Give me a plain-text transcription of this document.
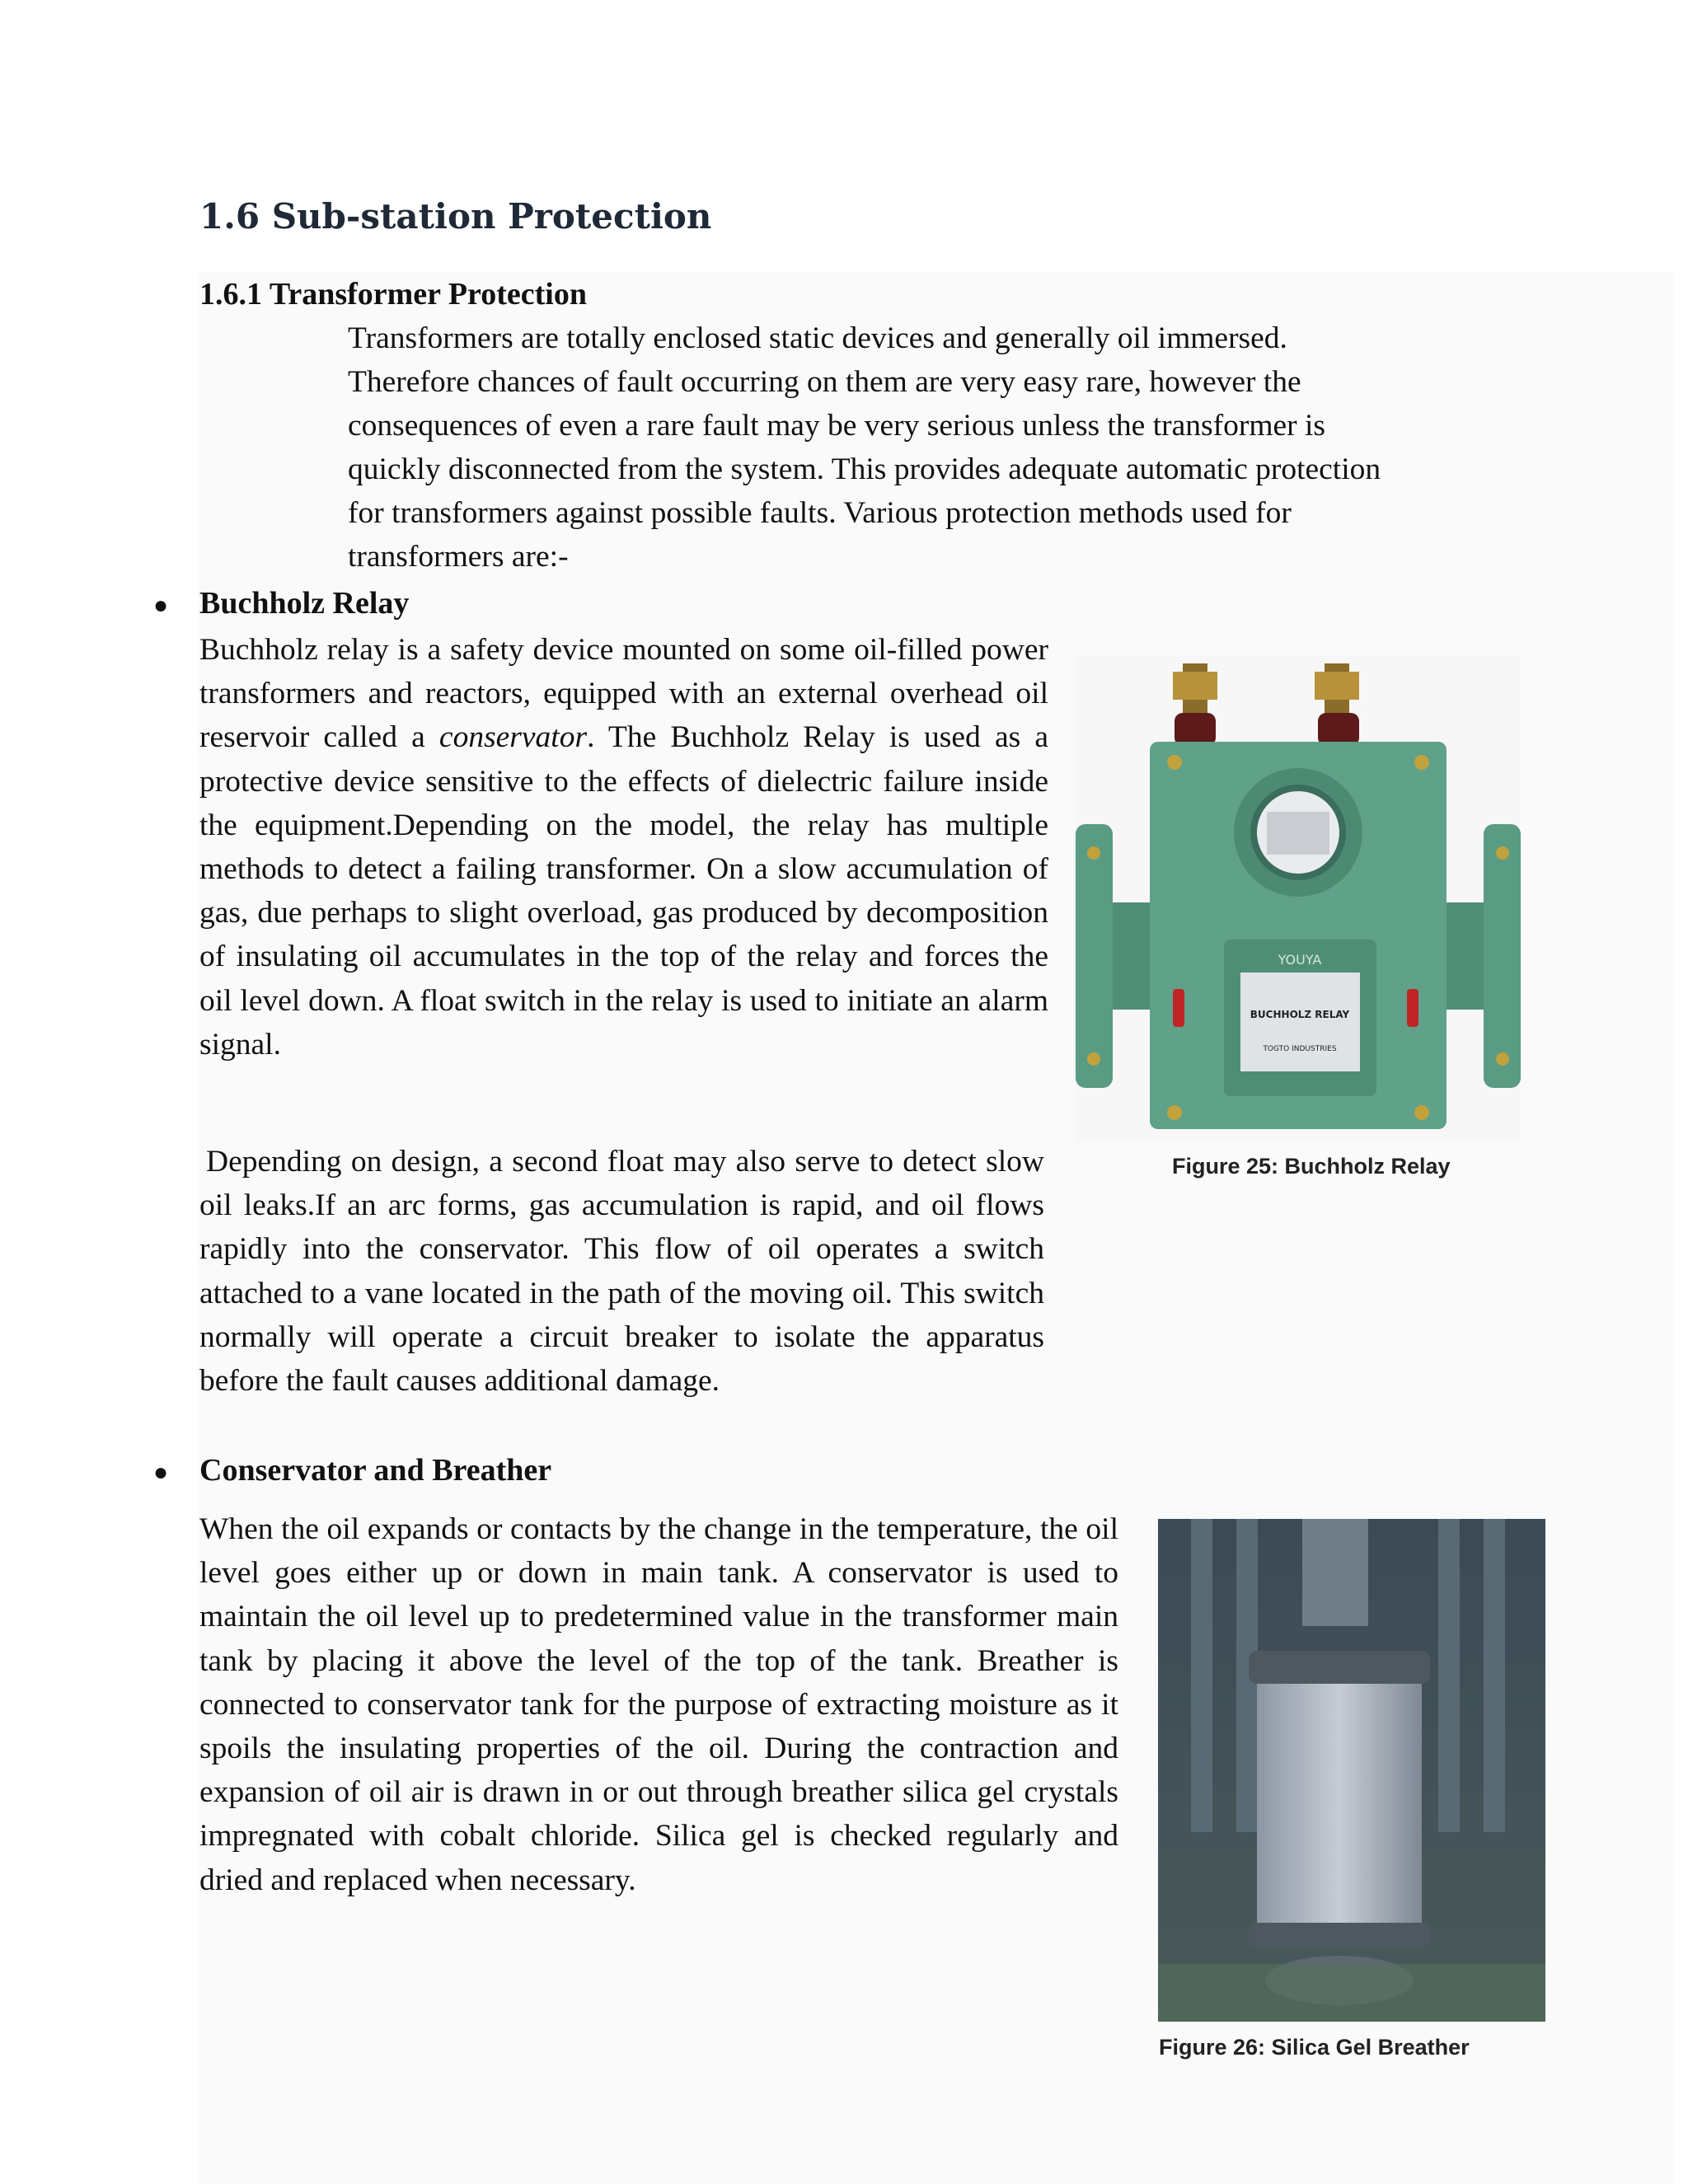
1.6 Sub-station Protection
1.6.1 Transformer Protection

Transformers are totally enclosed static devices and generally oil immersed.

Therefore chances of fault occurring on them are very easy rare, however the

consequences of even a rare fault may be very serious unless the transformer is

quickly disconnected from the system. This provides adequate automatic protection

for transformers against possible faults. Various protection methods used for

transformers are:-

● Buchholz Relay
Buchholz relay is a safety device mounted on some oil-filled power transformers and reactors, equipped with an external overhead oil reservoir called a conservator. The Buchholz Relay is used as a protective device sensitive to the effects of dielectric failure inside the equipment.Depending on the model, the relay has multiple methods to detect a failing transformer. On a slow accumulation of gas, due perhaps to slight overload, gas produced by decomposition of insulating oil accumulates in the top of the relay and forces the oil level down. A float switch in the relay is used to initiate an alarm signal.
Depending on design, a second float may also serve to detect slow oil leaks.If an arc forms, gas accumulation is rapid, and oil flows rapidly into the conservator. This flow of oil operates a switch attached to a vane located in the path of the moving oil. This switch normally will operate a circuit breaker to isolate the apparatus before the fault causes additional damage.
YOUYA
BUCHHOLZ RELAY
TOGTO INDUSTRIES
Figure 25: Buchholz Relay
● Conservator and Breather
When the oil expands or contacts by the change in the temperature, the oil level goes either up or down in main tank. A conservator is used to maintain the oil level up to predetermined value in the transformer main tank by placing it above the level of the top of the tank. Breather is connected to conservator tank for the purpose of extracting moisture as it spoils the insulating properties of the oil. During the contraction and expansion of oil air is drawn in or out through breather silica gel crystals impregnated with cobalt chloride. Silica gel is checked regularly and dried and replaced when necessary.
Figure 26: Silica Gel Breather
